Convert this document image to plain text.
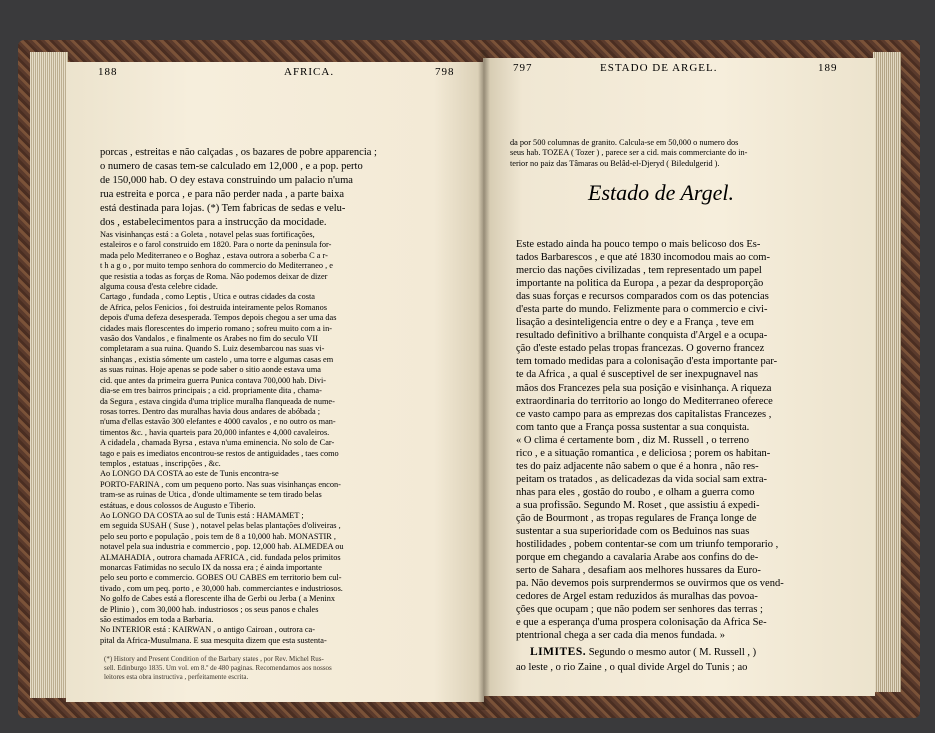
188	AFRICA.	798
porcas , estreitas e não calçadas , os bazares de pobre apparencia ;
o numero de casas tem-se calculado em 12,000 , e a pop. perto
de 150,000 hab. O dey estava construindo um palacio n'uma
rua estreita e porca , e para não perder nada , a parte baixa
está destinada para lojas. (*) Tem fabricas de sedas e velu-
dos , estabelecimentos para a instrucção da mocidade.
Nas visinhanças está : a Goleta , notavel pelas suas fortificações,
estaleiros e o farol construido em 1820. Para o norte da peninsula for-
mada pelo Mediterraneo e o Boghaz , estava outrora a soberba C a r-
t h a g o , por muito tempo senhora do commercio do Mediterraneo , e
que resistia a todas as forças de Roma. Não podemos deixar de dizer
alguma cousa d'esta celebre cidade.
Cartago , fundada , como Leptis , Utica e outras cidades da costa
de Africa, pelos Fenicios , foi destruida inteiramente pelos Romanos
depois d'uma defeza desesperada. Tempos depois chegou a ser uma das
cidades mais florescentes do imperio romano ; sofreu muito com a in-
vasão dos Vandalos , e finalmente os Arabes no fim do seculo VII
completaram a sua ruina. Quando S. Luiz desembarcou nas suas vi-
sinhanças , existia sómente um castelo , uma torre e algumas casas em
as suas ruinas. Hoje apenas se pode saber o sitio aonde estava uma
cid. que antes da primeira guerra Punica contava 700,000 hab. Divi-
dia-se em tres bairros principais ; a cid. propriamente dita , chama-
da Segura , estava cingida d'uma triplice muralha flanqueada de nume-
rosas torres. Dentro das muralhas havia dous andares de abóbada ;
n'uma d'ellas estavão 300 elefantes e 4000 cavalos , e no outro os man-
timentos &c. , havia quarteis para 20,000 infantes e 4,000 cavaleiros.
A cidadela , chamada Byrsa , estava n'uma eminencia. No solo de Car-
tago e pais es imediatos encontrou-se restos de antiguidades , taes como
templos , estatuas , inscripções , &c.
Ao LONGO DA COSTA ao este de Tunis encontra-se
PORTO-FARINA , com um pequeno porto. Nas suas visinhanças encon-
tram-se as ruinas de Utica , d'onde ultimamente se tem tirado belas
estátuas, e dous colossos de Augusto e Tiberio.
Ao LONGO DA COSTA ao sul de Tunis está : HAMAMET ;
em seguida SUSAH ( Suse ) , notavel pelas belas plantações d'oliveiras ,
pelo seu porto e população , pois tem de 8 a 10,000 hab. MONASTIR ,
notavel pela sua industria e commercio , pop. 12,000 hab. ALMEDEA ou
ALMAHADIA , outrora chamada AFRICA , cid. fundada pelos primitos
monarcas Fatimidas no seculo IX da nossa era ; é ainda importante
pelo seu porto e commercio. GOBES OU CABES em territorio bem cul-
tivado , com um peq. porto , e 30,000 hab. commerciantes e industriosos.
No golfo de Cabes está a florescente ilha de Gerbi ou Jerba ( a Meninx
de Plinio ) , com 30,000 hab. industriosos ; os seus panos e chales
são estimados em toda a Barbaria.
No INTERIOR está : KAIRWAN , o antigo Cairoan , outrora ca-
pital da Africa-Musulmana. E sua mesquita dizem que esta sustenta-
(*) History and Present Condition of the Barbary states , por Rev. Michel Rus-
sell. Edinburgo 1835. Um vol. em 8.º de 480 paginas. Recomendamos aos nossos
leitores esta obra instructiva , perfeitamente escrita.
797	ESTADO DE ARGEL.	189
da por 500 columnas de granito. Calcula-se em 50,000 o numero dos
seus hab. TOZEA ( Tozer ) , parece ser a cid. mais commerciante do in-
terior no paiz das Tâmaras ou Belâd-el-Djeryd ( Biledulgerid ).
Estado de Argel.
Este estado ainda ha pouco tempo o mais belicoso dos Es-
tados Barbarescos , e que até 1830 incomodou mais ao com-
mercio das nações civilizadas , tem representado um papel
importante na politica da Europa , a pezar da desproporção
das suas forças e recursos comparados com os das potencias
d'esta parte do mundo. Felizmente para o commercio e civi-
lisação a desinteligencia entre o dey e a França , teve em
resultado definitivo a brilhante conquista d'Argel e a ocupa-
ção d'este estado pelas tropas francezas. O governo francez
tem tomado medidas para a colonisação d'esta importante par-
te da Africa , a qual é susceptivel de ser inexpugnavel nas
mãos dos Francezes pela sua posição e visinhança. A riqueza
extraordinaria do territorio ao longo do Mediterraneo oferece
ce vasto campo para as emprezas dos capitalistas Francezes ,
com tanto que a França possa sustentar a sua conquista.
« O clima é certamente bom , diz M. Russell , o terreno
rico , e a situação romantica , e deliciosa ; porem os habitan-
tes do paiz adjacente não sabem o que é a honra , não res-
peitam os tratados , as delicadezas da vida social sam extra-
nhas para eles , gostão do roubo , e olham a guerra como
a sua profissão. Segundo M. Roset , que assistiu á expedi-
ção de Bourmont , as tropas regulares de França longe de
sustentar a sua superioridade com os Beduinos nas suas
hostilidades , pobem contentar-se com um triunfo temporario ,
porque em chegando a cavalaria Arabe aos confins do de-
serto de Sahara , desafiam aos melhores hussares da Euro-
pa. Não devemos pois surprendermos se ouvirmos que os vend-
cedores de Argel estam reduzidos ás muralhas das povoa-
ções que ocupam ; que não podem ser senhores das terras ;
e que a esperança d'uma prospera colonisação da Africa Se-
ptentrional chega a ser cada dia menos fundada. »
LIMITES. Segundo o mesmo autor ( M. Russell , )
ao leste , o rio Zaine , o qual divide Argel do Tunis ; ao
